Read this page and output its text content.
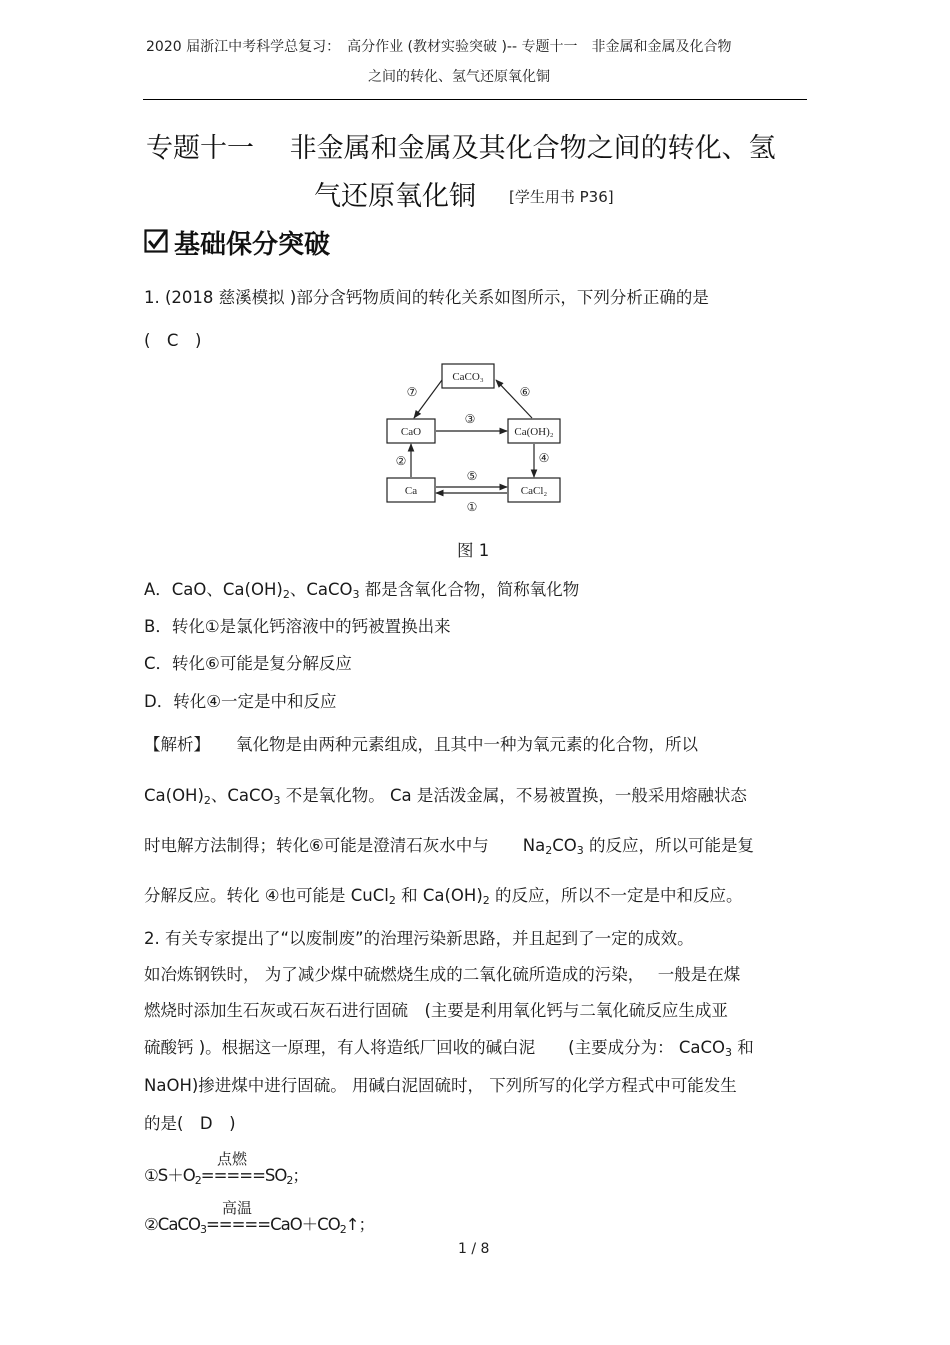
2020 届浙江中考科学总复习：　高分作业 (教材实验突破 )-- 专题十一　非金属和金属及化合物
之间的转化、氢气还原氧化铜
专题十一　 非金属和金属及其化合物之间的转化、氢
气还原氧化铜 [学生用书 P36]
基础保分突破
1. (2018 慈溪模拟 )部分含钙物质间的转化关系如图所示，下列分析正确的是
(　C　)
CaCO₃
CaO	Ca(OH)₂
Ca	CaCl₂
⑦	⑥
③
②	④
⑤
①
图 1
A．CaO、Ca(OH)2、CaCO3 都是含氧化合物，简称氧化物
B．转化①是氯化钙溶液中的钙被置换出来
C．转化⑥可能是复分解反应
D．转化④一定是中和反应
【解析】 氧化物是由两种元素组成，且其中一种为氧元素的化合物，所以
Ca(OH)2、CaCO3 不是氧化物。 Ca 是活泼金属，不易被置换，一般采用熔融状态
时电解方法制得；转化⑥可能是澄清石灰水中与 Na2CO3 的反应，所以可能是复
分解反应。转化 ④也可能是 CuCl2 和 Ca(OH)2 的反应，所以不一定是中和反应。
2. 有关专家提出了“以废制废”的治理污染新思路，并且起到了一定的成效。
如冶炼钢铁时， 为了减少煤中硫燃烧生成的二氧化硫所造成的污染，　 一般是在煤
燃烧时添加生石灰或石灰石进行固硫　(主要是利用氧化钙与二氧化硫反应生成亚
硫酸钙 )。根据这一原理，有人将造纸厂回收的碱白泥　　(主要成分为： CaCO3 和
NaOH)掺进煤中进行固硫。 用碱白泥固硫时， 下列所写的化学方程式中可能发生
的是(　D　)
点燃
①S＋O2=====SO2；
高温
②CaCO3=====CaO＋CO2↑；
1 / 8
